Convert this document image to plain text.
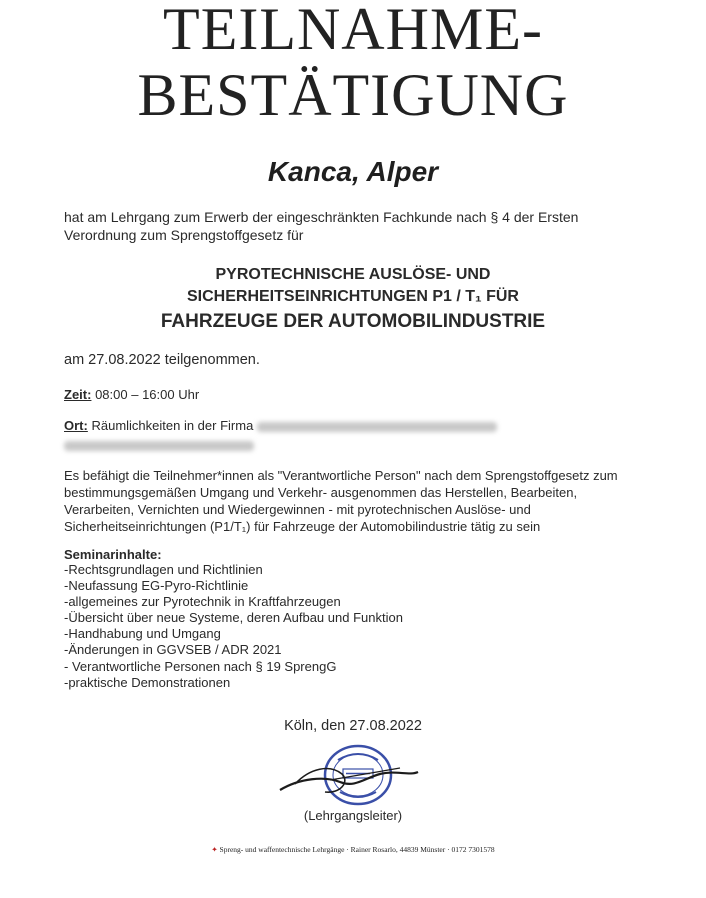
TEILNAHME-
BESTÄTIGUNG
Kanca, Alper
hat am Lehrgang zum Erwerb der eingeschränkten Fachkunde nach § 4 der Ersten Verordnung zum Sprengstoffgesetz für
PYROTECHNISCHE AUSLÖSE- UND
SICHERHEITSEINRICHTUNGEN P1 / T₁ FÜR
FAHRZEUGE DER AUTOMOBILINDUSTRIE
am 27.08.2022 teilgenommen.
Zeit: 08:00 – 16:00 Uhr
Ort: Räumlichkeiten in der Firma

Es befähigt die Teilnehmer*innen als "Verantwortliche Person" nach dem Sprengstoffgesetz zum bestimmungsgemäßen Umgang und Verkehr- ausgenommen das Herstellen, Bearbeiten, Verarbeiten, Vernichten und Wiedergewinnen - mit pyrotechnischen Auslöse- und Sicherheitseinrichtungen (P1/T₁) für Fahrzeuge der Automobilindustrie tätig zu sein
Seminarinhalte:
-Rechtsgrundlagen und Richtlinien
-Neufassung EG-Pyro-Richtlinie
-allgemeines zur Pyrotechnik in Kraftfahrzeugen
-Übersicht über neue Systeme, deren Aufbau und Funktion
-Handhabung und Umgang
-Änderungen in GGVSEB / ADR 2021
- Verantwortliche Personen nach § 19 SprengG
-praktische Demonstrationen
Köln, den 27.08.2022
(Lehrgangsleiter)
✦ Spreng- und waffentechnische Lehrgänge · Rainer Rosarlo, 44839 Münster · 0172 7301578
